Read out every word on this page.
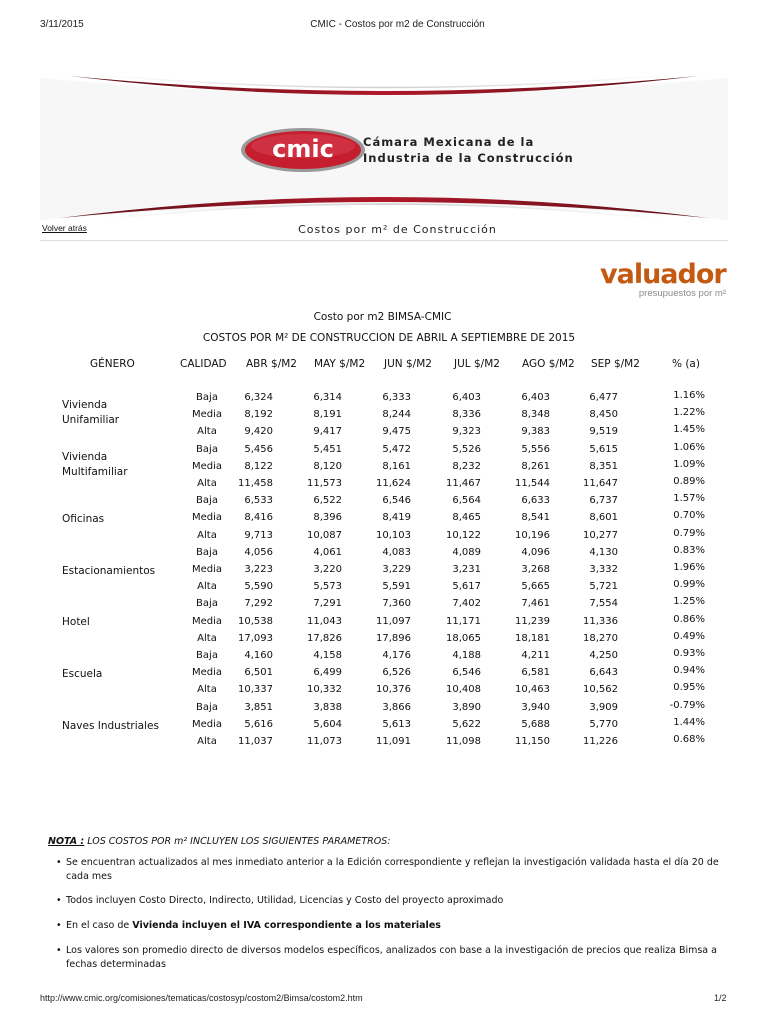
3/11/2015	CMIC - Costos por m2 de Construcción
cmic	Cámara Mexicana de la
Industria de la Construcción
Volver atrás	Costos por m² de Construcción
valuador
presupuestos por m²
Costo por m2 BIMSA-CMIC
COSTOS POR M² DE CONSTRUCCION DE ABRIL A SEPTIEMBRE DE 2015
GÉNERO	CALIDAD ABR $/M2 MAY $/M2 JUN $/M2 JUL $/M2 AGO $/M2 SEP $/M2	% (a)
Vivienda
Unifamiliar
Baja	6,324	6,314	6,333	6,403	6,403	6,477	1.16%
Media	8,192	8,191	8,244	8,336	8,348	8,450	1.22%
Alta	9,420	9,417	9,475	9,323	9,383	9,519	1.45%
Vivienda
Multifamiliar
Baja	5,456	5,451	5,472	5,526	5,556	5,615	1.06%
Media	8,122	8,120	8,161	8,232	8,261	8,351	1.09%
Alta	11,458	11,573	11,624	11,467	11,544	11,647	0.89%
Oficinas
Baja	6,533	6,522	6,546	6,564	6,633	6,737	1.57%
Media	8,416	8,396	8,419	8,465	8,541	8,601	0.70%
Alta	9,713	10,087	10,103	10,122	10,196	10,277	0.79%
Estacionamientos
Baja	4,056	4,061	4,083	4,089	4,096	4,130	0.83%
Media	3,223	3,220	3,229	3,231	3,268	3,332	1.96%
Alta	5,590	5,573	5,591	5,617	5,665	5,721	0.99%
Hotel
Baja	7,292	7,291	7,360	7,402	7,461	7,554	1.25%
Media	10,538	11,043	11,097	11,171	11,239	11,336	0.86%
Alta	17,093	17,826	17,896	18,065	18,181	18,270	0.49%
Escuela
Baja	4,160	4,158	4,176	4,188	4,211	4,250	0.93%
Media	6,501	6,499	6,526	6,546	6,581	6,643	0.94%
Alta	10,337	10,332	10,376	10,408	10,463	10,562	0.95%
Naves Industriales
Baja	3,851	3,838	3,866	3,890	3,940	3,909	-0.79%
Media	5,616	5,604	5,613	5,622	5,688	5,770	1.44%
Alta	11,037	11,073	11,091	11,098	11,150	11,226	0.68%
NOTA : LOS COSTOS POR m² INCLUYEN LOS SIGUIENTES PARAMETROS:
• Se encuentran actualizados al mes inmediato anterior a la Edición correspondiente y reflejan la investigación validada hasta el día 20 de cada mes
• Todos incluyen Costo Directo, Indirecto, Utilidad, Licencias y Costo del proyecto aproximado
• En el caso de Vivienda incluyen el IVA correspondiente a los materiales
• Los valores son promedio directo de diversos modelos específicos, analizados con base a la investigación de precios que realiza Bimsa a fechas determinadas
http://www.cmic.org/comisiones/tematicas/costosyp/costom2/Bimsa/costom2.htm	1/2
